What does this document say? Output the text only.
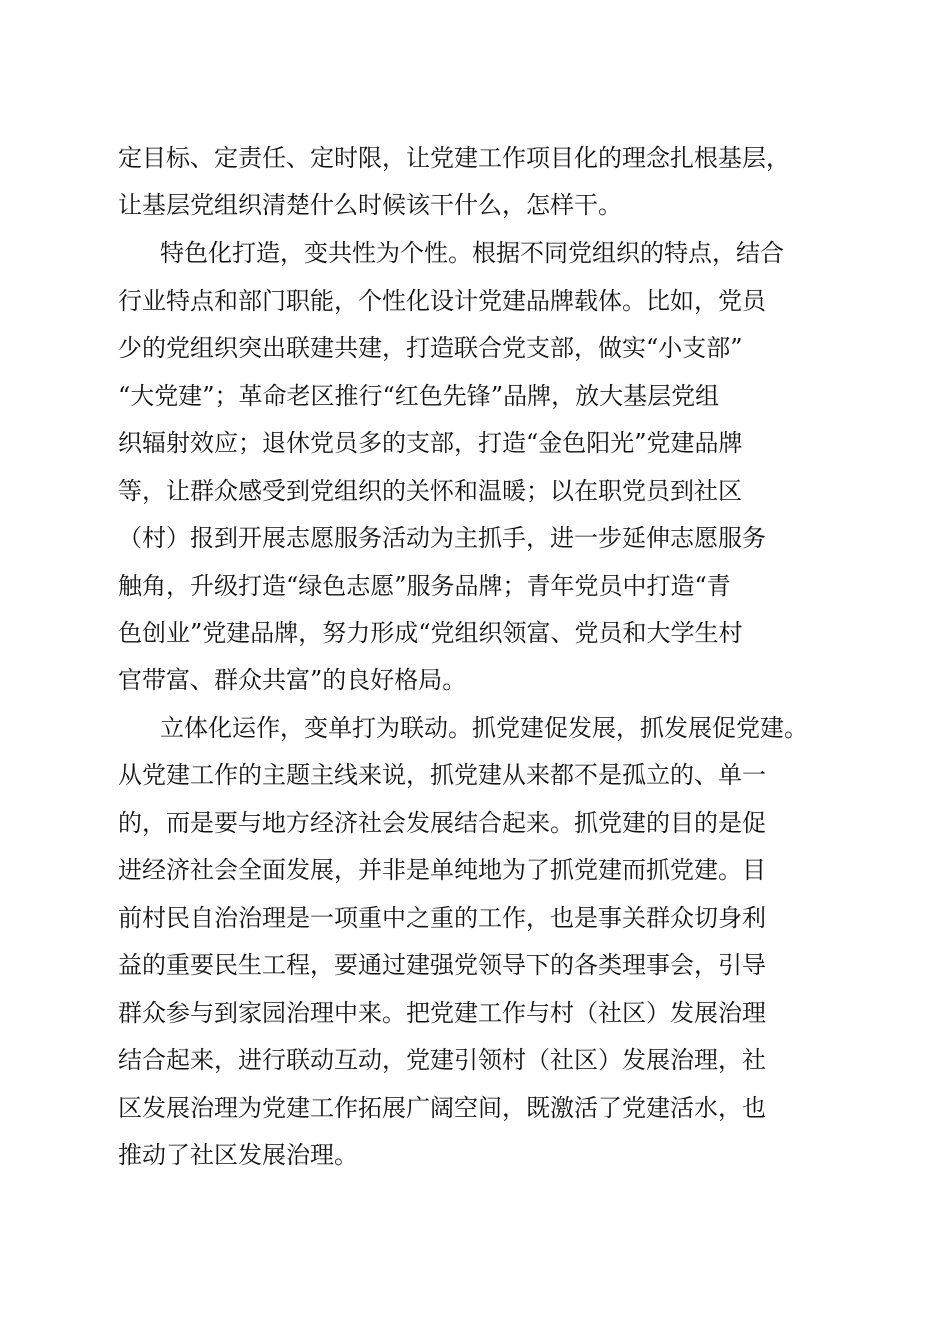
定目标、定责任、定时限，让党建工作项目化的理念扎根基层，
让基层党组织清楚什么时候该干什么，怎样干。
特色化打造，变共性为个性。根据不同党组织的特点，结合
行业特点和部门职能，个性化设计党建品牌载体。比如，党员
少的党组织突出联建共建，打造联合党支部，做实“小支部”
“大党建”；革命老区推行“红色先锋”品牌，放大基层党组
织辐射效应；退休党员多的支部，打造“金色阳光”党建品牌
等，让群众感受到党组织的关怀和温暖；以在职党员到社区
（村）报到开展志愿服务活动为主抓手，进一步延伸志愿服务
触角，升级打造“绿色志愿”服务品牌；青年党员中打造“青
色创业”党建品牌，努力形成“党组织领富、党员和大学生村
官带富、群众共富”的良好格局。
立体化运作，变单打为联动。抓党建促发展，抓发展促党建。
从党建工作的主题主线来说，抓党建从来都不是孤立的、单一
的，而是要与地方经济社会发展结合起来。抓党建的目的是促
进经济社会全面发展，并非是单纯地为了抓党建而抓党建。目
前村民自治治理是一项重中之重的工作，也是事关群众切身利
益的重要民生工程，要通过建强党领导下的各类理事会，引导
群众参与到家园治理中来。把党建工作与村（社区）发展治理
结合起来，进行联动互动，党建引领村（社区）发展治理，社
区发展治理为党建工作拓展广阔空间，既激活了党建活水，也
推动了社区发展治理。
